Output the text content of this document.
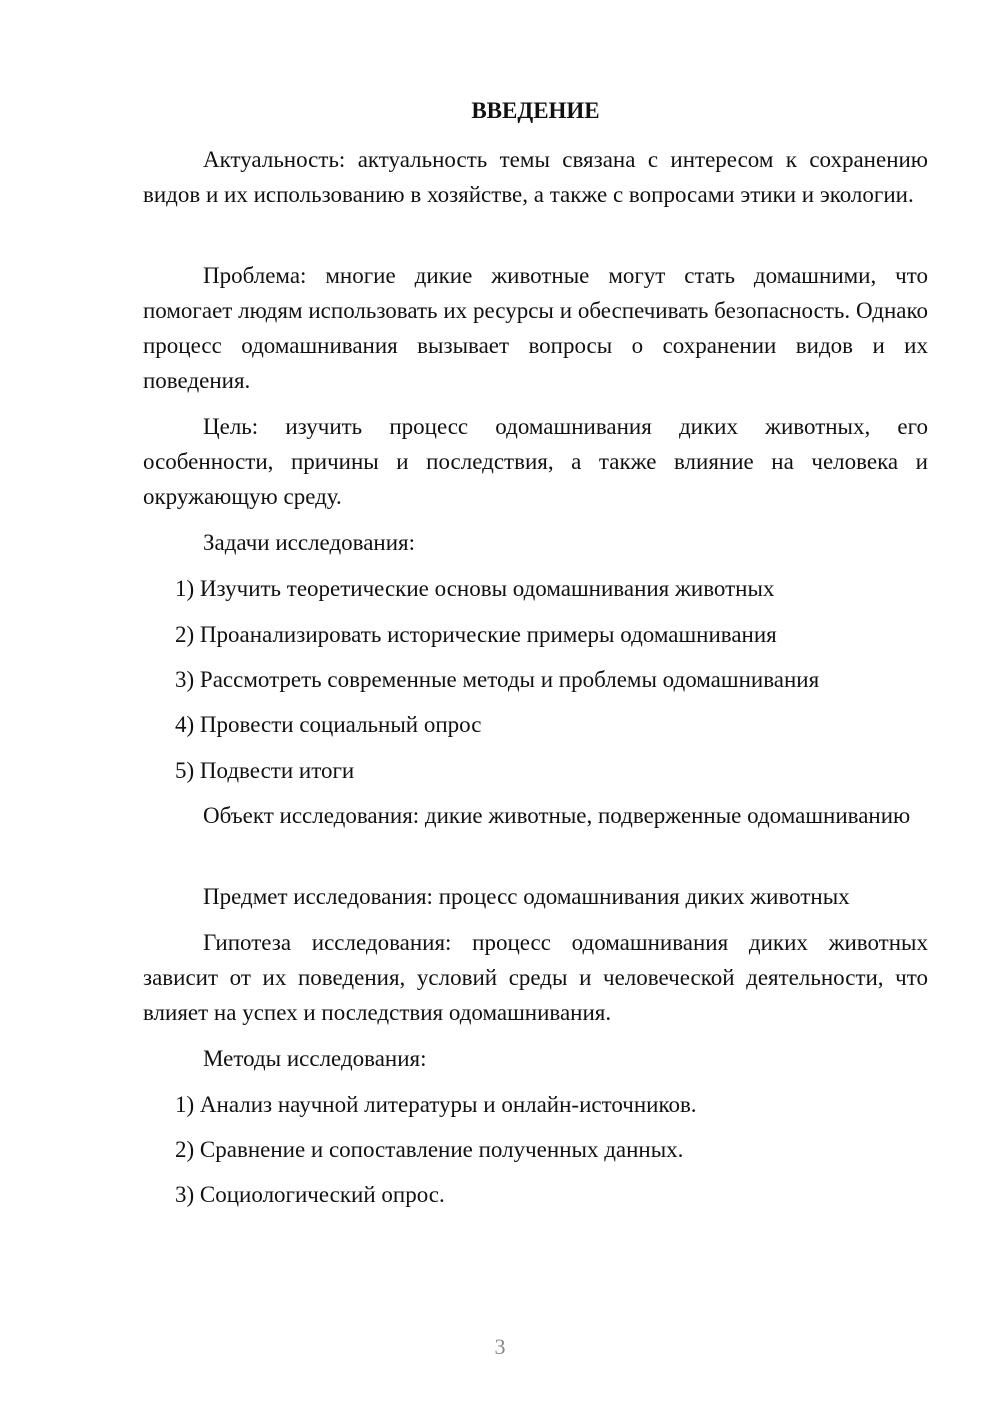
ВВЕДЕНИЕ

Актуальность: актуальность темы связана с интересом к сохранению видов и их использованию в хозяйстве, а также с вопросами этики и экологии.

Проблема: многие дикие животные могут стать домашними, что помогает людям использовать их ресурсы и обеспечивать безопасность. Однако процесс одомашнивания вызывает вопросы о сохранении видов и их поведения.

Цель: изучить процесс одомашнивания диких животных, его особенности, причины и последствия, а также влияние на человека и окружающую среду.

Задачи исследования:
1) Изучить теоретические основы одомашнивания животных
2) Проанализировать исторические примеры одомашнивания
3) Рассмотреть современные методы и проблемы одомашнивания
4) Провести социальный опрос
5) Подвести итоги

Объект исследования: дикие животные, подверженные одомашниванию

Предмет исследования: процесс одомашнивания диких животных

Гипотеза исследования: процесс одомашнивания диких животных зависит от их поведения, условий среды и человеческой деятельности, что влияет на успех и последствия одомашнивания.

Методы исследования:
1) Анализ научной литературы и онлайн-источников.
2) Сравнение и сопоставление полученных данных.
3) Социологический опрос.
3
